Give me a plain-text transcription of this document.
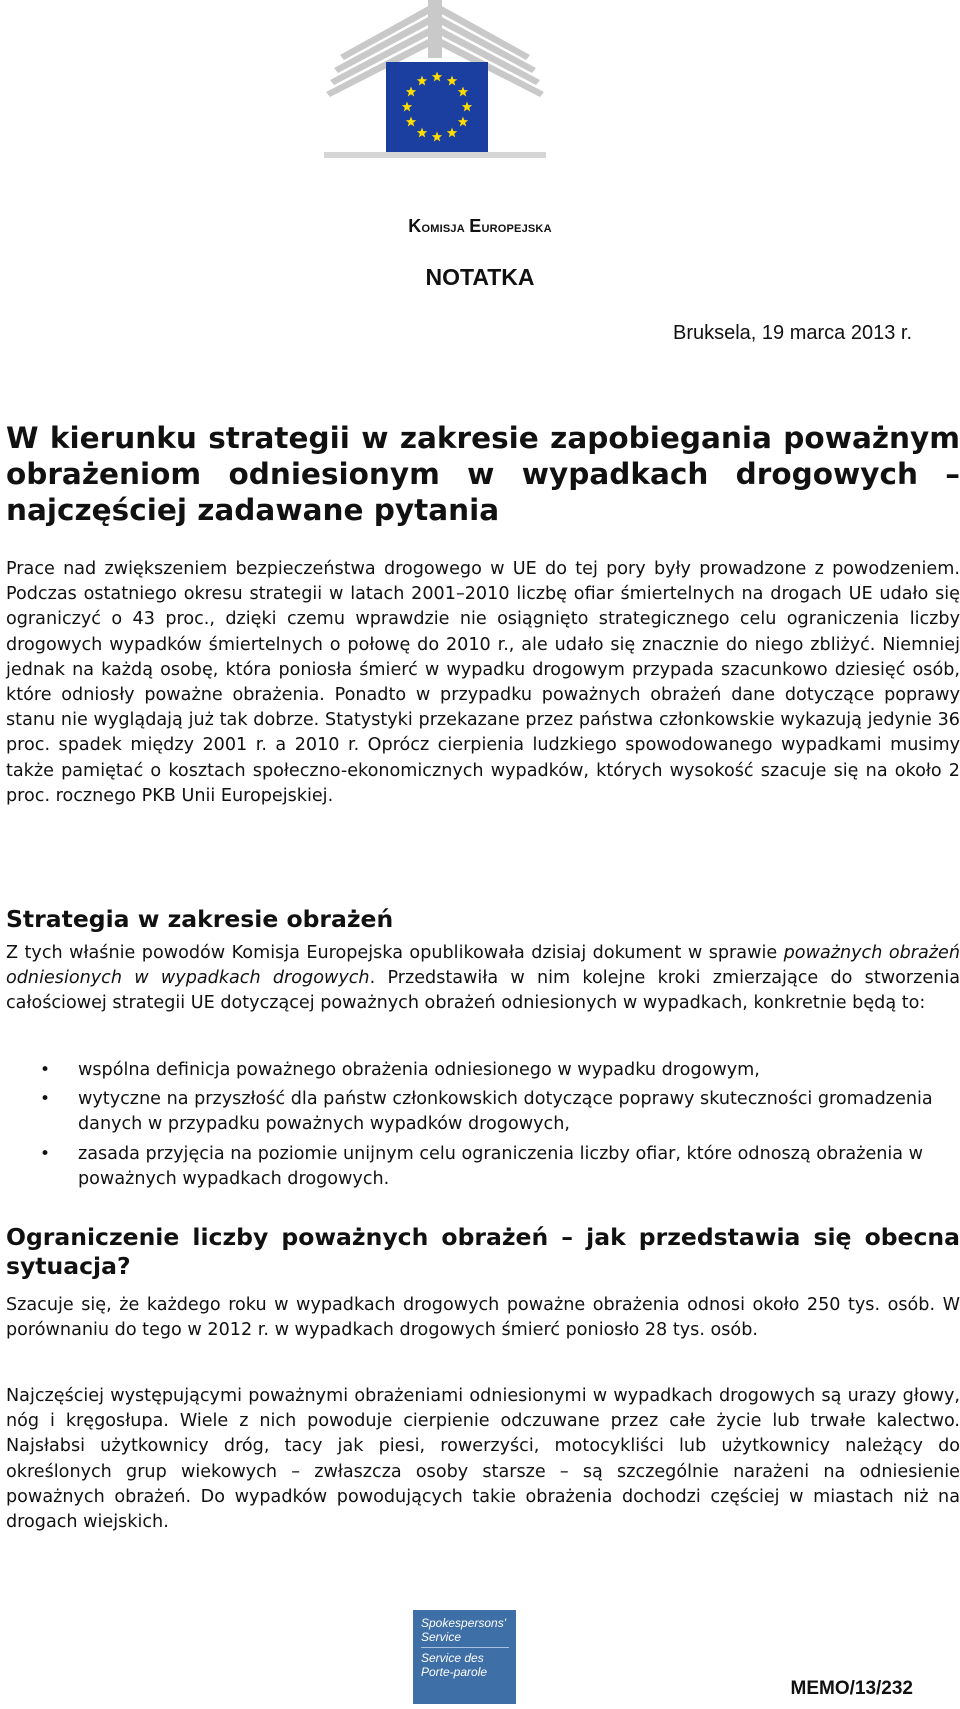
Komisja Europejska
NOTATKA
Bruksela, 19 marca 2013 r.
W kierunku strategii w zakresie zapobiegania poważnym obrażeniom odniesionym w wypadkach drogowych – najczęściej zadawane pytania

Prace nad zwiększeniem bezpieczeństwa drogowego w UE do tej pory były prowadzone z powodzeniem. Podczas ostatniego okresu strategii w latach 2001–2010 liczbę ofiar śmiertelnych na drogach UE udało się ograniczyć o 43 proc., dzięki czemu wprawdzie nie osiągnięto strategicznego celu ograniczenia liczby drogowych wypadków śmiertelnych o połowę do 2010 r., ale udało się znacznie do niego zbliżyć. Niemniej jednak na każdą osobę, która poniosła śmierć w wypadku drogowym przypada szacunkowo dziesięć osób, które odniosły poważne obrażenia. Ponadto w przypadku poważnych obrażeń dane dotyczące poprawy stanu nie wyglądają już tak dobrze. Statystyki przekazane przez państwa członkowskie wykazują jedynie 36 proc. spadek między 2001 r. a 2010 r. Oprócz cierpienia ludzkiego spowodowanego wypadkami musimy także pamiętać o kosztach społeczno-ekonomicznych wypadków, których wysokość szacuje się na około 2 proc. rocznego PKB Unii Europejskiej.

Strategia w zakresie obrażeń

Z tych właśnie powodów Komisja Europejska opublikowała dzisiaj dokument w sprawie poważnych obrażeń odniesionych w wypadkach drogowych. Przedstawiła w nim kolejne kroki zmierzające do stworzenia całościowej strategii UE dotyczącej poważnych obrażeń odniesionych w wypadkach, konkretnie będą to:

• wspólna definicja poważnego obrażenia odniesionego w wypadku drogowym,
• wytyczne na przyszłość dla państw członkowskich dotyczące poprawy skuteczności gromadzenia danych w przypadku poważnych wypadków drogowych,
• zasada przyjęcia na poziomie unijnym celu ograniczenia liczby ofiar, które odnoszą obrażenia w poważnych wypadkach drogowych.
Ograniczenie liczby poważnych obrażeń – jak przedstawia się obecna sytuacja?

Szacuje się, że każdego roku w wypadkach drogowych poważne obrażenia odnosi około 250 tys. osób. W porównaniu do tego w 2012 r. w wypadkach drogowych śmierć poniosło 28 tys. osób.

Najczęściej występującymi poważnymi obrażeniami odniesionymi w wypadkach drogowych są urazy głowy, nóg i kręgosłupa. Wiele z nich powoduje cierpienie odczuwane przez całe życie lub trwałe kalectwo. Najsłabsi użytkownicy dróg, tacy jak piesi, rowerzyści, motocykliści lub użytkownicy należący do określonych grup wiekowych – zwłaszcza osoby starsze – są szczególnie narażeni na odniesienie poważnych obrażeń. Do wypadków powodujących takie obrażenia dochodzi częściej w miastach niż na drogach wiejskich.

Spokespersons'
Service
Service des
Porte-parole
MEMO/13/232
